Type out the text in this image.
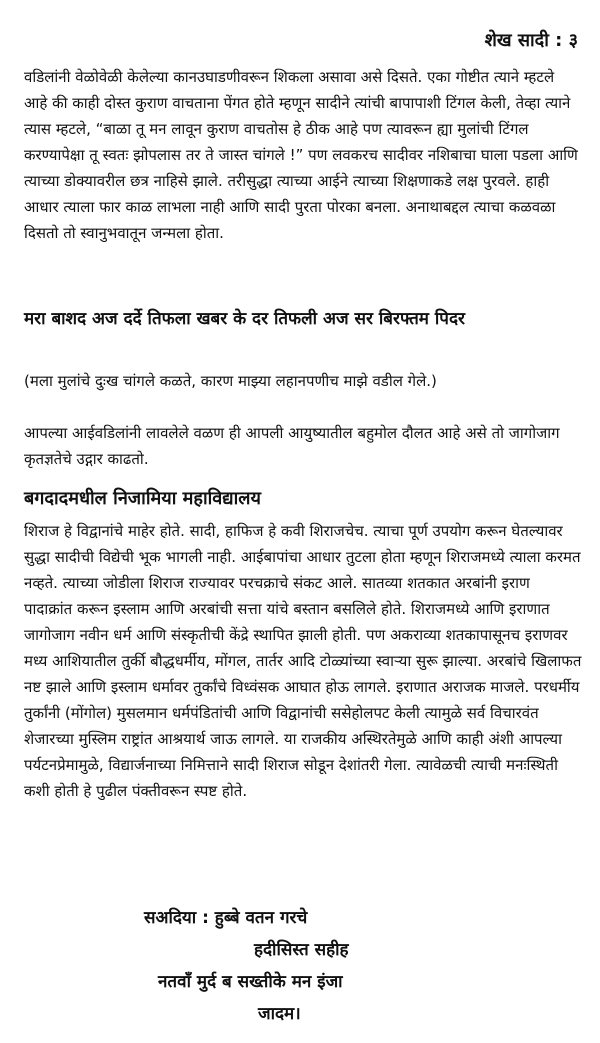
शेख सादी : ३

वडिलांनी वेळोवेळी केलेल्या कानउघाडणीवरून शिकला असावा असे दिसते. एका गोष्टीत त्याने म्हटले आहे की काही दोस्त कुराण वाचताना पेंगत होते म्हणून सादीने त्यांची बापापाशी टिंगल केली, तेव्हा त्याने त्यास म्हटले, “बाळा तू मन लावून कुराण वाचतोस हे ठीक आहे पण त्यावरून ह्या मुलांची टिंगल करण्यापेक्षा तू स्वतः झोपलास तर ते जास्त चांगले !” पण लवकरच सादीवर नशिबाचा घाला पडला आणि त्याच्या डोक्यावरील छत्र नाहिसे झाले. तरीसुद्धा त्याच्या आईने त्याच्या शिक्षणाकडे लक्ष पुरवले. हाही आधार त्याला फार काळ लाभला नाही आणि सादी पुरता पोरका बनला. अनाथाबद्दल त्याचा कळवळा दिसतो तो स्वानुभवातून जन्मला होता.

मरा बाशद अज दर्दे तिफला खबर के दर तिफली अज सर बिरफ्तम पिदर

(मला मुलांचे दुःख चांगले कळते, कारण माझ्या लहानपणीच माझे वडील गेले.)

आपल्या आईवडिलांनी लावलेले वळण ही आपली आयुष्यातील बहुमोल दौलत आहे असे तो जागोजाग कृतज्ञतेचे उद्गार काढतो.

बगदादमधील निजामिया महाविद्यालय

शिराज हे विद्वानांचे माहेर होते. सादी, हाफिज हे कवी शिराजचेच. त्याचा पूर्ण उपयोग करून घेतल्यावर सुद्धा सादीची विद्येची भूक भागली नाही. आईबापांचा आधार तुटला होता म्हणून शिराजमध्ये त्याला करमत नव्हते. त्याच्या जोडीला शिराज राज्यावर परचक्राचे संकट आले. सातव्या शतकात अरबांनी इराण पादाक्रांत करून इस्लाम आणि अरबांची सत्ता यांचे बस्तान बसलिले होते. शिराजमध्ये आणि इराणात जागोजाग नवीन धर्म आणि संस्कृतीची केंद्रे स्थापित झाली होती. पण अकराव्या शतकापासूनच इराणवर मध्य आशियातील तुर्की बौद्धधर्मीय, मोंगल, तार्तर आदि टोळ्यांच्या स्वाऱ्या सुरू झाल्या. अरबांचे खिलाफत नष्ट झाले आणि इस्लाम धर्मावर तुर्कांचे विध्वंसक आघात होऊ लागले. इराणात अराजक माजले. परधर्मीय तुर्कांनी (मोंगोल) मुसलमान धर्मपंडितांची आणि विद्वानांची ससेहोलपट केली त्यामुळे सर्व विचारवंत शेजारच्या मुस्लिम राष्ट्रांत आश्रयार्थ जाऊ लागले. या राजकीय अस्थिरतेमुळे आणि काही अंशी आपल्या पर्यटनप्रेमामुळे, विद्यार्जनाच्या निमित्ताने सादी शिराज सोडून देशांतरी गेला. त्यावेळची त्याची मनःस्थिती कशी होती हे पुढील पंक्तीवरून स्पष्ट होते.

सअदिया : हुब्बे वतन गरचे
हदीसिस्त सहीह
नतवाँ मुर्द ब सख्तीके मन इंजा
जादम।
